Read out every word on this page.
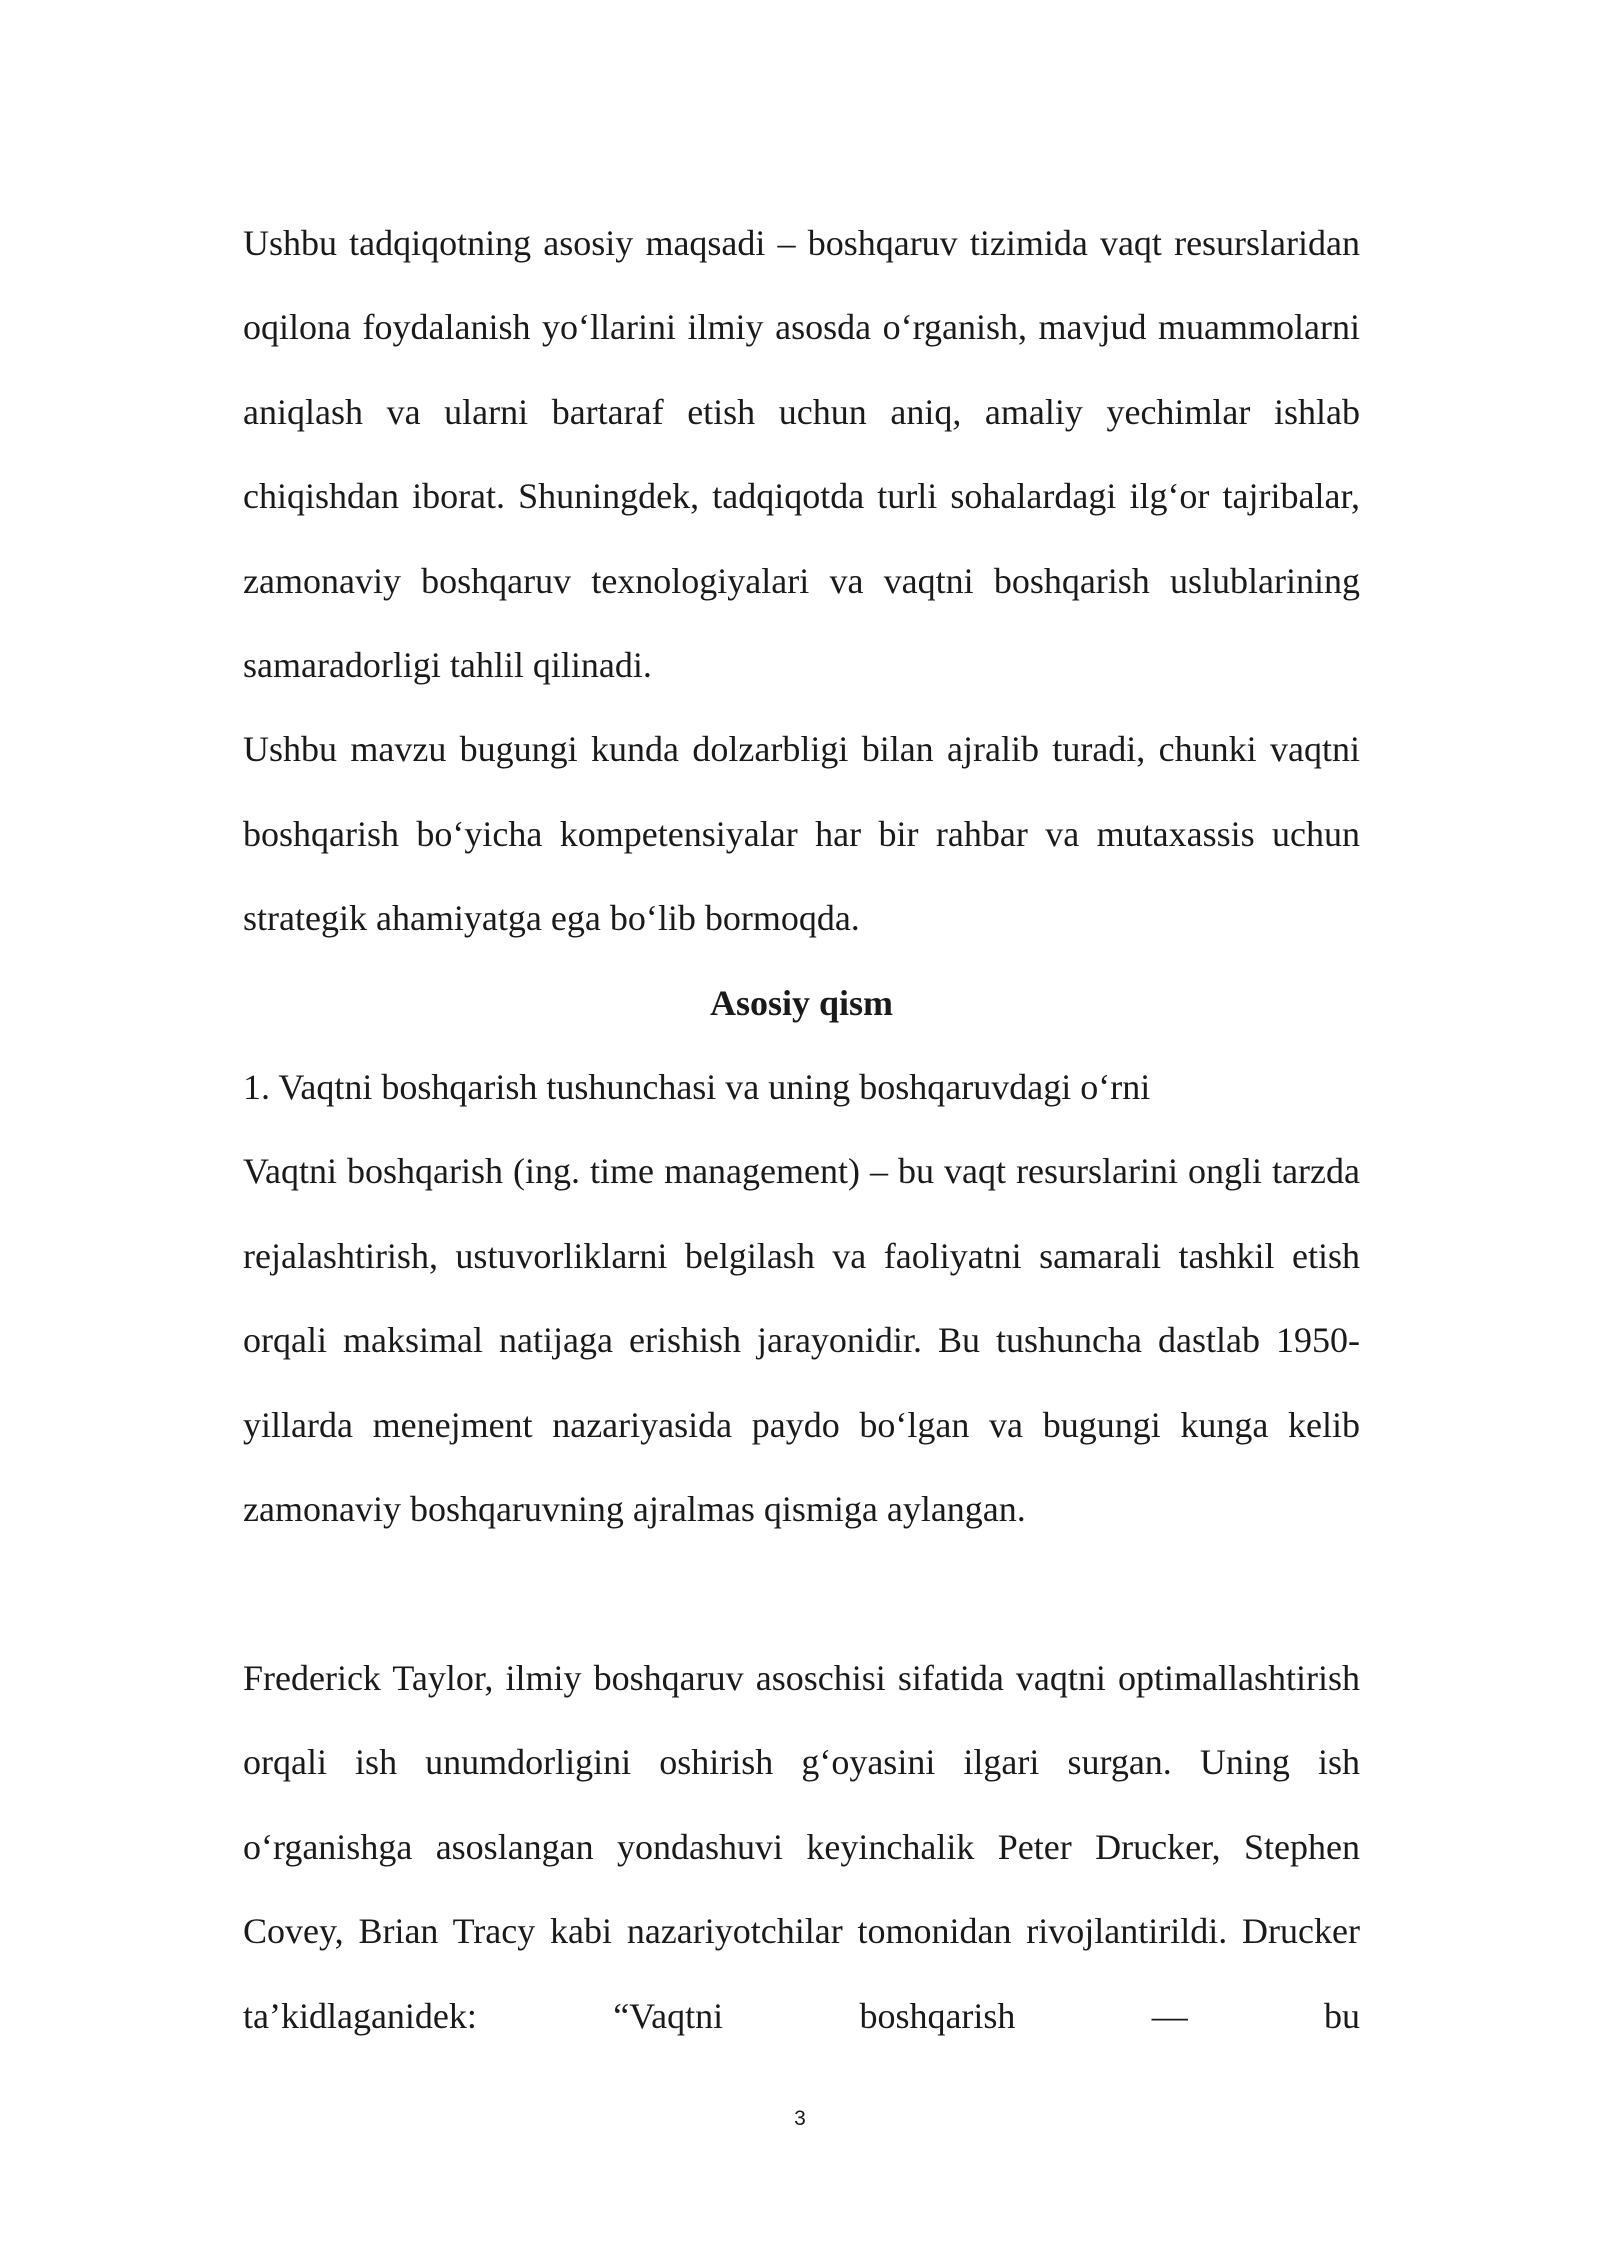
Ushbu tadqiqotning asosiy maqsadi – boshqaruv tizimida vaqt resurslaridan oqilona foydalanish yo‘llarini ilmiy asosda o‘rganish, mavjud muammolarni aniqlash va ularni bartaraf etish uchun aniq, amaliy yechimlar ishlab chiqishdan iborat. Shuningdek, tadqiqotda turli sohalardagi ilg‘or tajribalar, zamonaviy boshqaruv texnologiyalari va vaqtni boshqarish uslublarining samaradorligi tahlil qilinadi.

Ushbu mavzu bugungi kunda dolzarbligi bilan ajralib turadi, chunki vaqtni boshqarish bo‘yicha kompetensiyalar har bir rahbar va mutaxassis uchun strategik ahamiyatga ega bo‘lib bormoqda.

Asosiy qism

1. Vaqtni boshqarish tushunchasi va uning boshqaruvdagi o‘rni

Vaqtni boshqarish (ing. time management) – bu vaqt resurslarini ongli tarzda rejalashtirish, ustuvorliklarni belgilash va faoliyatni samarali tashkil etish orqali maksimal natijaga erishish jarayonidir. Bu tushuncha dastlab 1950-yillarda menejment nazariyasida paydo bo‘lgan va bugungi kunga kelib zamonaviy boshqaruvning ajralmas qismiga aylangan.

Frederick Taylor, ilmiy boshqaruv asoschisi sifatida vaqtni optimallashtirish orqali ish unumdorligini oshirish g‘oyasini ilgari surgan. Uning ish o‘rganishga asoslangan yondashuvi keyinchalik Peter Drucker, Stephen Covey, Brian Tracy kabi nazariyotchilar tomonidan rivojlantirildi. Drucker ta’kidlaganidek: “Vaqtni boshqarish — bu

3
